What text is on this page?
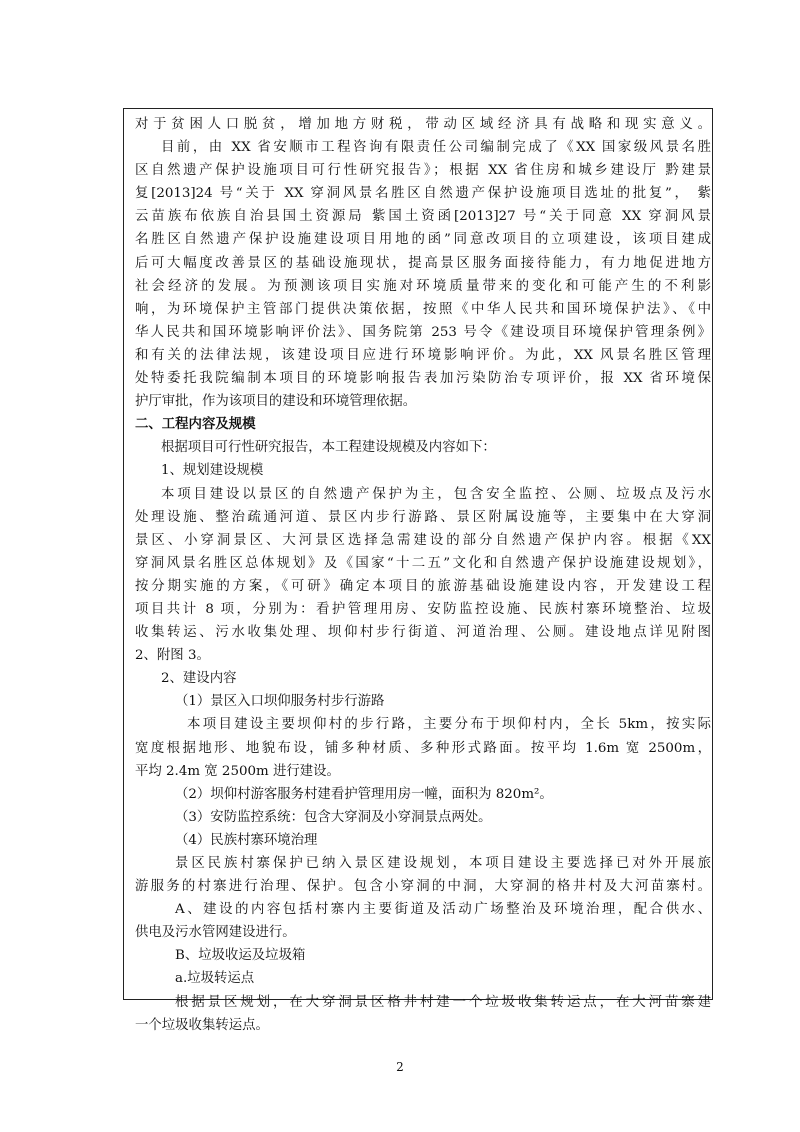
对于贫困人口脱贫，增加地方财税，带动区域经济具有战略和现实意义。
目前，由 XX 省安顺市工程咨询有限责任公司编制完成了《XX 国家级风景名胜
区自然遗产保护设施项目可行性研究报告》；根据 XX 省住房和城乡建设厅 黔建景
复[2013]24 号“关于 XX 穿洞风景名胜区自然遗产保护设施项目选址的批复”， 紫
云苗族布依族自治县国土资源局 紫国土资函[2013]27 号“关于同意 XX 穿洞风景
名胜区自然遗产保护设施建设项目用地的函”同意改项目的立项建设，该项目建成
后可大幅度改善景区的基础设施现状，提高景区服务面接待能力，有力地促进地方
社会经济的发展。为预测该项目实施对环境质量带来的变化和可能产生的不利影
响，为环境保护主管部门提供决策依据，按照《中华人民共和国环境保护法》、《中
华人民共和国环境影响评价法》、国务院第 253 号令《建设项目环境保护管理条例》
和有关的法律法规，该建设项目应进行环境影响评价。为此，XX 风景名胜区管理
处特委托我院编制本项目的环境影响报告表加污染防治专项评价，报 XX 省环境保
护厅审批，作为该项目的建设和环境管理依据。
二、工程内容及规模
根据项目可行性研究报告，本工程建设规模及内容如下：
1、规划建设规模
本项目建设以景区的自然遗产保护为主，包含安全监控、公厕、垃圾点及污水
处理设施、整治疏通河道、景区内步行游路、景区附属设施等，主要集中在大穿洞
景区、小穿洞景区、大河景区选择急需建设的部分自然遗产保护内容。根据《XX
穿洞风景名胜区总体规划》及《国家“十二五”文化和自然遗产保护设施建设规划》，
按分期实施的方案，《可研》确定本项目的旅游基础设施建设内容，开发建设工程
项目共计 8 项，分别为：看护管理用房、安防监控设施、民族村寨环境整治、垃圾
收集转运、污水收集处理、坝仰村步行街道、河道治理、公厕。建设地点详见附图
2、附图 3。
2、建设内容
（1）景区入口坝仰服务村步行游路
本项目建设主要坝仰村的步行路，主要分布于坝仰村内，全长 5km，按实际
宽度根据地形、地貌布设，铺多种材质、多种形式路面。按平均 1.6m 宽 2500m，
平均 2.4m 宽 2500m 进行建设。
（2）坝仰村游客服务村建看护管理用房一幢，面积为 820m²。
（3）安防监控系统：包含大穿洞及小穿洞景点两处。
（4）民族村寨环境治理
景区民族村寨保护已纳入景区建设规划，本项目建设主要选择已对外开展旅
游服务的村寨进行治理、保护。包含小穿洞的中洞，大穿洞的格井村及大河苗寨村。
A、建设的内容包括村寨内主要街道及活动广场整治及环境治理，配合供水、
供电及污水管网建设进行。
B、垃圾收运及垃圾箱
a.垃圾转运点
根据景区规划，在大穿洞景区格井村建一个垃圾收集转运点，在大河苗寨建
一个垃圾收集转运点。
2
